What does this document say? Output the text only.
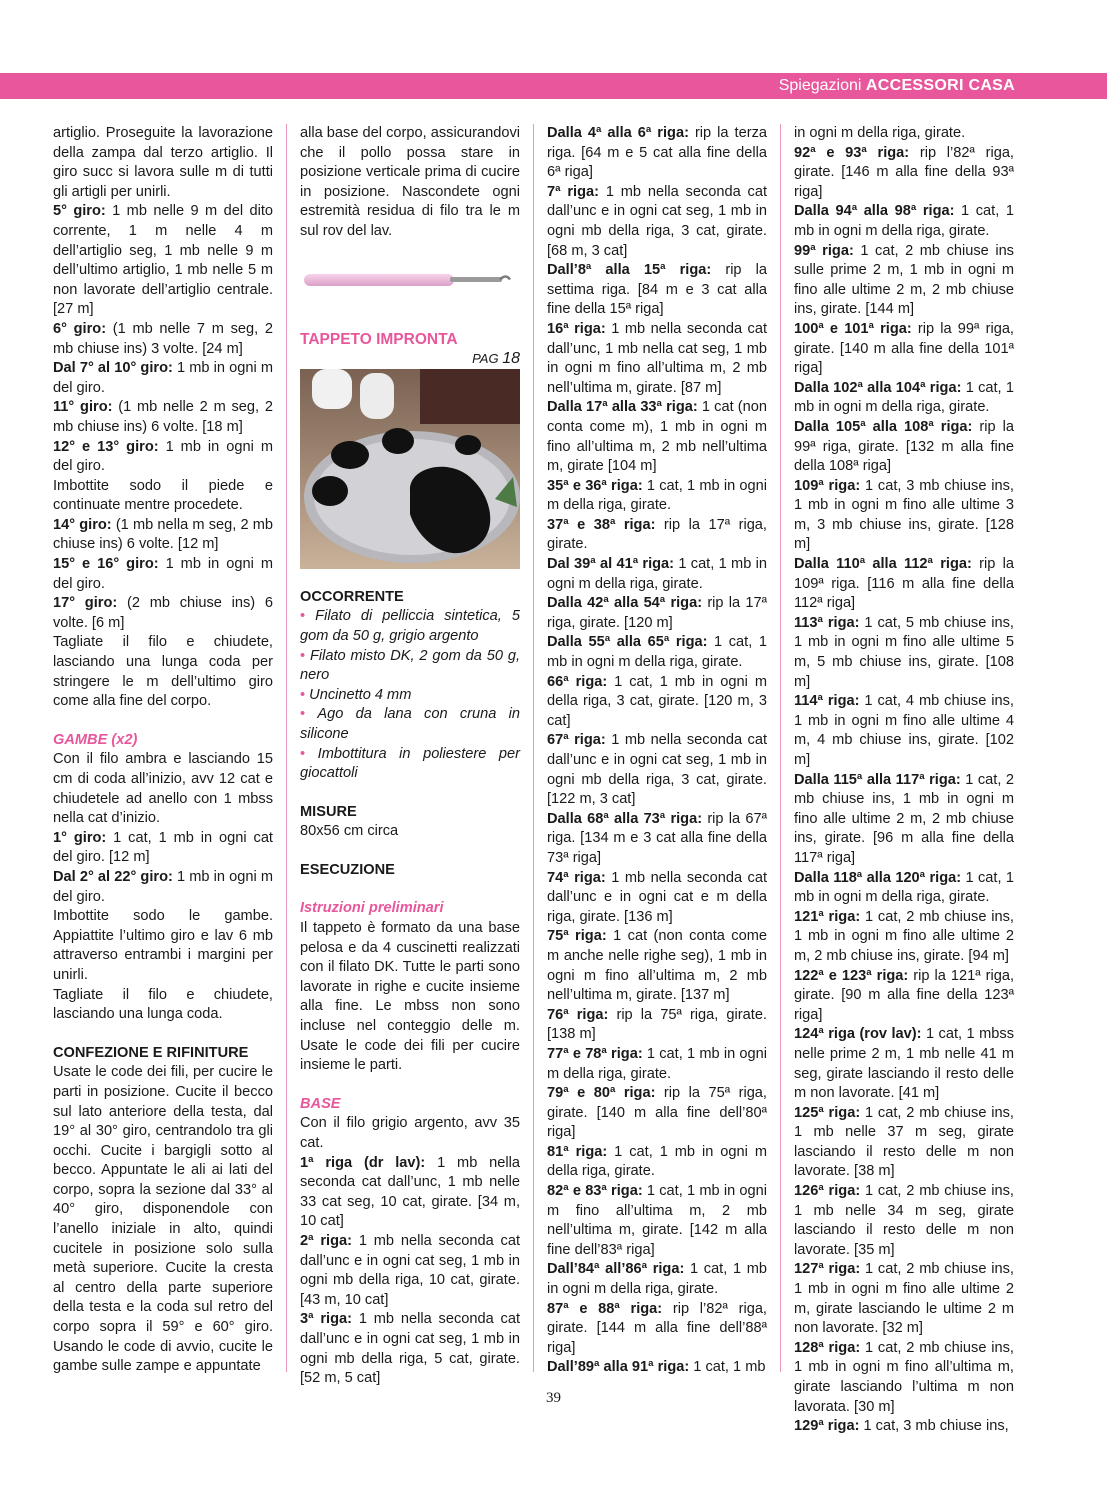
Spiegazioni ACCESSORI CASA

artiglio. Proseguite la lavorazione della zampa dal terzo artiglio. Il giro succ si lavora sulle m di tutti gli artigli per unirli.

5° giro: 1 mb nelle 9 m del dito corrente, 1 m nelle 4 m dell’artiglio seg, 1 mb nelle 9 m dell’ultimo artiglio, 1 mb nelle 5 m non lavorate dell’artiglio centrale. [27 m]

6° giro: (1 mb nelle 7 m seg, 2 mb chiuse ins) 3 volte. [24 m]

Dal 7° al 10° giro: 1 mb in ogni m del giro.

11° giro: (1 mb nelle 2 m seg, 2 mb chiuse ins) 6 volte. [18 m]

12° e 13° giro: 1 mb in ogni m del giro.

Imbottite sodo il piede e continuate mentre procedete.

14° giro: (1 mb nella m seg, 2 mb chiuse ins) 6 volte. [12 m]

15° e 16° giro: 1 mb in ogni m del giro.

17° giro: (2 mb chiuse ins) 6 volte. [6 m]

Tagliate il filo e chiudete, lasciando una lunga coda per stringere le m dell’ultimo giro come alla fine del corpo.

GAMBE (x2)

Con il filo ambra e lasciando 15 cm di coda all’inizio, avv 12 cat e chiudetele ad anello con 1 mbss nella cat d’inizio.

1° giro: 1 cat, 1 mb in ogni cat del giro. [12 m]

Dal 2° al 22° giro: 1 mb in ogni m del giro.

Imbottite sodo le gambe. Appiattite l’ultimo giro e lav 6 mb attraverso entrambi i margini per unirli.

Tagliate il filo e chiudete, lasciando una lunga coda.

CONFEZIONE E RIFINITURE

Usate le code dei fili, per cucire le parti in posizione. Cucite il becco sul lato anteriore della testa, dal 19° al 30° giro, centrandolo tra gli occhi. Cucite i bargigli sotto al becco. Appuntate le ali ai lati del corpo, sopra la sezione dal 33° al 40° giro, disponendole con l’anello iniziale in alto, quindi cucitele in posizione solo sulla metà superiore. Cucite la cresta al centro della parte superiore della testa e la coda sul retro del corpo sopra il 59° e 60° giro. Usando le code di avvio, cucite le gambe sulle zampe e appuntate

alla base del corpo, assicurandovi che il pollo possa stare in posizione verticale prima di cucire in posizione. Nascondete ogni estremità residua di filo tra le m sul rov del lav.

TAPPETO IMPRONTA

PAG 18

OCCORRENTE

• Filato di pelliccia sintetica, 5 gom da 50 g, grigio argento

• Filato misto DK, 2 gom da 50 g, nero

• Uncinetto 4 mm

• Ago da lana con cruna in silicone

• Imbottitura in poliestere per giocattoli

MISURE

80x56 cm circa

ESECUZIONE

Istruzioni preliminari

Il tappeto è formato da una base pelosa e da 4 cuscinetti realizzati con il filato DK. Tutte le parti sono lavorate in righe e cucite insieme alla fine. Le mbss non sono incluse nel conteggio delle m. Usate le code dei fili per cucire insieme le parti.

BASE

Con il filo grigio argento, avv 35 cat.

1ª riga (dr lav): 1 mb nella seconda cat dall’unc, 1 mb nelle 33 cat seg, 10 cat, girate. [34 m, 10 cat]

2ª riga: 1 mb nella seconda cat dall’unc e in ogni cat seg, 1 mb in ogni mb della riga, 10 cat, girate. [43 m, 10 cat]

3ª riga: 1 mb nella seconda cat dall’unc e in ogni cat seg, 1 mb in ogni mb della riga, 5 cat, girate. [52 m, 5 cat]

Dalla 4ª alla 6ª riga: rip la terza riga. [64 m e 5 cat alla fine della 6ª riga]

7ª riga: 1 mb nella seconda cat dall’unc e in ogni cat seg, 1 mb in ogni mb della riga, 3 cat, girate. [68 m, 3 cat]

Dall’8ª alla 15ª riga: rip la settima riga. [84 m e 3 cat alla fine della 15ª riga]

16ª riga: 1 mb nella seconda cat dall’unc, 1 mb nella cat seg, 1 mb in ogni m fino all’ultima m, 2 mb nell’ultima m, girate. [87 m]

Dalla 17ª alla 33ª riga: 1 cat (non conta come m), 1 mb in ogni m fino all’ultima m, 2 mb nell’ultima m, girate [104 m]

35ª e 36ª riga: 1 cat, 1 mb in ogni m della riga, girate.

37ª e 38ª riga: rip la 17ª riga, girate.

Dal 39ª al 41ª riga: 1 cat, 1 mb in ogni m della riga, girate.

Dalla 42ª alla 54ª riga: rip la 17ª riga, girate. [120 m]

Dalla 55ª alla 65ª riga: 1 cat, 1 mb in ogni m della riga, girate.

66ª riga: 1 cat, 1 mb in ogni m della riga, 3 cat, girate. [120 m, 3 cat]

67ª riga: 1 mb nella seconda cat dall’unc e in ogni cat seg, 1 mb in ogni mb della riga, 3 cat, girate. [122 m, 3 cat]

Dalla 68ª alla 73ª riga: rip la 67ª riga. [134 m e 3 cat alla fine della 73ª riga]

74ª riga: 1 mb nella seconda cat dall’unc e in ogni cat e m della riga, girate. [136 m]

75ª riga: 1 cat (non conta come m anche nelle righe seg), 1 mb in ogni m fino all’ultima m, 2 mb nell’ultima m, girate. [137 m]

76ª riga: rip la 75ª riga, girate. [138 m]

77ª e 78ª riga: 1 cat, 1 mb in ogni m della riga, girate.

79ª e 80ª riga: rip la 75ª riga, girate. [140 m alla fine dell’80ª riga]

81ª riga: 1 cat, 1 mb in ogni m della riga, girate.

82ª e 83ª riga: 1 cat, 1 mb in ogni m fino all’ultima m, 2 mb nell’ultima m, girate. [142 m alla fine dell’83ª riga]

Dall’84ª all’86ª riga: 1 cat, 1 mb in ogni m della riga, girate.

87ª e 88ª riga: rip l’82ª riga, girate. [144 m alla fine dell’88ª riga]

Dall’89ª alla 91ª riga: 1 cat, 1 mb

in ogni m della riga, girate.

92ª e 93ª riga: rip l’82ª riga, girate. [146 m alla fine della 93ª riga]

Dalla 94ª alla 98ª riga: 1 cat, 1 mb in ogni m della riga, girate.

99ª riga: 1 cat, 2 mb chiuse ins sulle prime 2 m, 1 mb in ogni m fino alle ultime 2 m, 2 mb chiuse ins, girate. [144 m]

100ª e 101ª riga: rip la 99ª riga, girate. [140 m alla fine della 101ª riga]

Dalla 102ª alla 104ª riga: 1 cat, 1 mb in ogni m della riga, girate.

Dalla 105ª alla 108ª riga: rip la 99ª riga, girate. [132 m alla fine della 108ª riga]

109ª riga: 1 cat, 3 mb chiuse ins, 1 mb in ogni m fino alle ultime 3 m, 3 mb chiuse ins, girate. [128 m]

Dalla 110ª alla 112ª riga: rip la 109ª riga. [116 m alla fine della 112ª riga]

113ª riga: 1 cat, 5 mb chiuse ins, 1 mb in ogni m fino alle ultime 5 m, 5 mb chiuse ins, girate. [108 m]

114ª riga: 1 cat, 4 mb chiuse ins, 1 mb in ogni m fino alle ultime 4 m, 4 mb chiuse ins, girate. [102 m]

Dalla 115ª alla 117ª riga: 1 cat, 2 mb chiuse ins, 1 mb in ogni m fino alle ultime 2 m, 2 mb chiuse ins, girate. [96 m alla fine della 117ª riga]

Dalla 118ª alla 120ª riga: 1 cat, 1 mb in ogni m della riga, girate.

121ª riga: 1 cat, 2 mb chiuse ins, 1 mb in ogni m fino alle ultime 2 m, 2 mb chiuse ins, girate. [94 m]

122ª e 123ª riga: rip la 121ª riga, girate. [90 m alla fine della 123ª riga]

124ª riga (rov lav): 1 cat, 1 mbss nelle prime 2 m, 1 mb nelle 41 m seg, girate lasciando il resto delle m non lavorate. [41 m]

125ª riga: 1 cat, 2 mb chiuse ins, 1 mb nelle 37 m seg, girate lasciando il resto delle m non lavorate. [38 m]

126ª riga: 1 cat, 2 mb chiuse ins, 1 mb nelle 34 m seg, girate lasciando il resto delle m non lavorate. [35 m]

127ª riga: 1 cat, 2 mb chiuse ins, 1 mb in ogni m fino alle ultime 2 m, girate lasciando le ultime 2 m non lavorate. [32 m]

128ª riga: 1 cat, 2 mb chiuse ins, 1 mb in ogni m fino all’ultima m, girate lasciando l’ultima m non lavorata. [30 m]

129ª riga: 1 cat, 3 mb chiuse ins,

39
